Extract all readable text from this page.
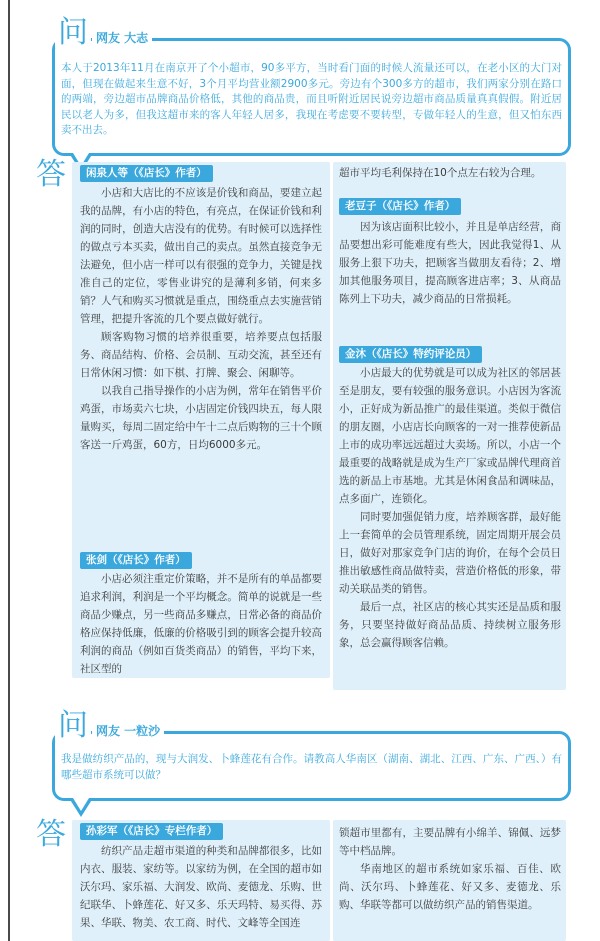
本人于2013年11月在南京开了个小超市，90多平方，当时看门面的时候人流量还可以，在老小区的大门对面，但现在做起来生意不好，3个月平均营业额2900多元。旁边有个300多方的超市，我们两家分别在路口的两端，旁边超市品牌商品价格低，其他的商品贵，而且听附近居民说旁边超市商品质量真真假假。附近居民以老人为多，但我这超市来的客人年轻人居多，我现在考虑要不要转型，专做年轻人的生意，但又怕东西卖不出去。

问 网友 大志
答	闲泉人等（《店长》作者）

小店和大店比的不应该是价钱和商品，要建立起我的品牌，有小店的特色，有亮点，在保证价钱和利润的同时，创造大店没有的优势。有时候可以选择性的做点亏本买卖，做出自己的卖点。虽然直接竞争无法避免，但小店一样可以有很强的竞争力，关键是找准自己的定位，零售业讲究的是薄利多销，何来多销？人气和购买习惯就是重点，围绕重点去实施营销管理，把提升客流的几个要点做好就行。

顾客购物习惯的培养很重要，培养要点包括服务、商品结构、价格、会员制、互动交流，甚至还有日常休闲习惯：如下棋、打牌、聚会、闲聊等。

以我自己指导操作的小店为例，常年在销售平价鸡蛋，市场卖六七块，小店固定价钱四块五，每人限量购买，每周二固定给中午十二点后购物的三十个顾客送一斤鸡蛋，60方，日均6000多元。

张剑（《店长》作者）

小店必须注重定价策略，并不是所有的单品都要追求利润，利润是一个平均概念。简单的说就是一些商品少赚点，另一些商品多赚点，日常必备的商品价格应保持低廉，低廉的价格吸引到的顾客会提升较高利润的商品（例如百货类商品）的销售，平均下来，社区型的

超市平均毛利保持在10个点左右较为合理。
老豆子（《店长》作者）

因为该店面积比较小，并且是单店经营，商品要想出彩可能难度有些大，因此我觉得1、从服务上狠下功夫，把顾客当做朋友看待；2、增加其他服务项目，提高顾客进店率；3、从商品陈列上下功夫，减少商品的日常损耗。

金沐（《店长》特约评论员）

小店最大的优势就是可以成为社区的邻居甚至是朋友，要有较强的服务意识。小店因为客流小，正好成为新品推广的最佳渠道。类似于微信的朋友圈，小店店长向顾客的一对一推荐使新品上市的成功率远远超过大卖场。所以，小店一个最重要的战略就是成为生产厂家或品牌代理商首选的新品上市基地。尤其是休闲食品和调味品，点多面广，连锁化。

同时要加强促销力度，培养顾客群，最好能上一套简单的会员管理系统，固定周期开展会员日，做好对那家竞争门店的询价，在每个会员日推出敏感性商品做特卖，营造价格低的形象，带动关联品类的销售。

最后一点，社区店的核心其实还是品质和服务，只要坚持做好商品品质、持续树立服务形象，总会赢得顾客信赖。

我是做纺织产品的，现与大润发、卜蜂莲花有合作。请教高人华南区（湖南、湖北、江西、广东、广西、）有哪些超市系统可以做？

问 网友 一粒沙
答	孙彩军（《店长》专栏作者）

纺织产品走超市渠道的种类和品牌都很多，比如内衣、服装、家纺等。以家纺为例，在全国的超市如沃尔玛、家乐福、大润发、欧尚、麦德龙、乐购、世纪联华、卜蜂莲花、好又多、乐天玛特、易买得、苏果、华联、物美、农工商、时代、文峰等全国连

锁超市里都有，主要品牌有小绵羊、锦佩、远梦等中档品牌。

华南地区的超市系统如家乐福、百佳、欧尚、沃尔玛、卜蜂莲花、好又多、麦德龙、乐购、华联等都可以做纺织产品的销售渠道。
